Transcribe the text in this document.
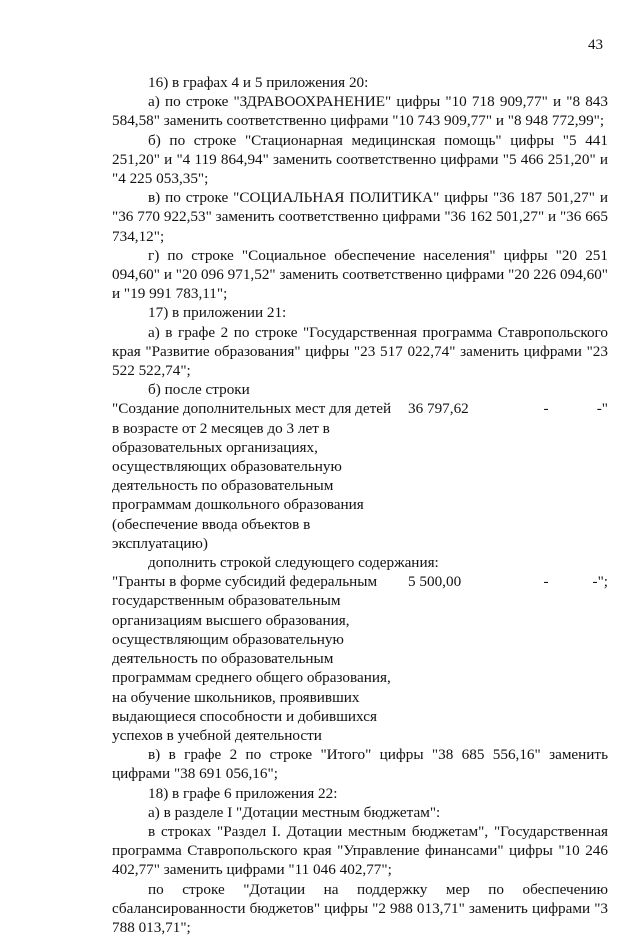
43

16) в графах 4 и 5 приложения 20:

а) по строке "ЗДРАВООХРАНЕНИЕ" цифры "10 718 909,77" и "8 843 584,58" заменить соответственно цифрами "10 743 909,77" и "8 948 772,99";

б) по строке "Стационарная медицинская помощь" цифры "5 441 251,20" и "4 119 864,94" заменить соответственно цифрами "5 466 251,20" и "4 225 053,35";

в) по строке "СОЦИАЛЬНАЯ ПОЛИТИКА" цифры "36 187 501,27" и "36 770 922,53" заменить соответственно цифрами "36 162 501,27" и "36 665 734,12";

г) по строке "Социальное обеспечение населения" цифры "20 251 094,60" и "20 096 971,52" заменить соответственно цифрами "20 226 094,60" и "19 991 783,11";

17) в приложении 21:

а) в графе 2 по строке "Государственная программа Ставропольского края "Развитие образования" цифры "23 517 022,74" заменить цифрами "23 522 522,74";

б) после строки

"Создание дополнительных мест для детей в возрасте от 2 месяцев до 3 лет в образовательных организациях, осуществляющих образовательную деятельность по образовательным программам дошкольного образования (обеспечение ввода объектов в эксплуатацию)
36 797,62	-	-"

дополнить строкой следующего содержания:

"Гранты в форме субсидий федеральным государственным образовательным организациям высшего образования, осуществляющим образовательную деятельность по образовательным программам среднего общего образования, на обучение школьников, проявивших выдающиеся способности и добившихся успехов в учебной деятельности
5 500,00	-	-";

в) в графе 2 по строке "Итого" цифры "38 685 556,16" заменить цифрами "38 691 056,16";

18) в графе 6 приложения 22:

а) в разделе I "Дотации местным бюджетам":

в строках "Раздел I. Дотации местным бюджетам", "Государственная программа Ставропольского края "Управление финансами" цифры "10 246 402,77" заменить цифрами "11 046 402,77";

по строке "Дотации на поддержку мер по обеспечению сбалансированности бюджетов" цифры "2 988 013,71" заменить цифрами "3 788 013,71";
